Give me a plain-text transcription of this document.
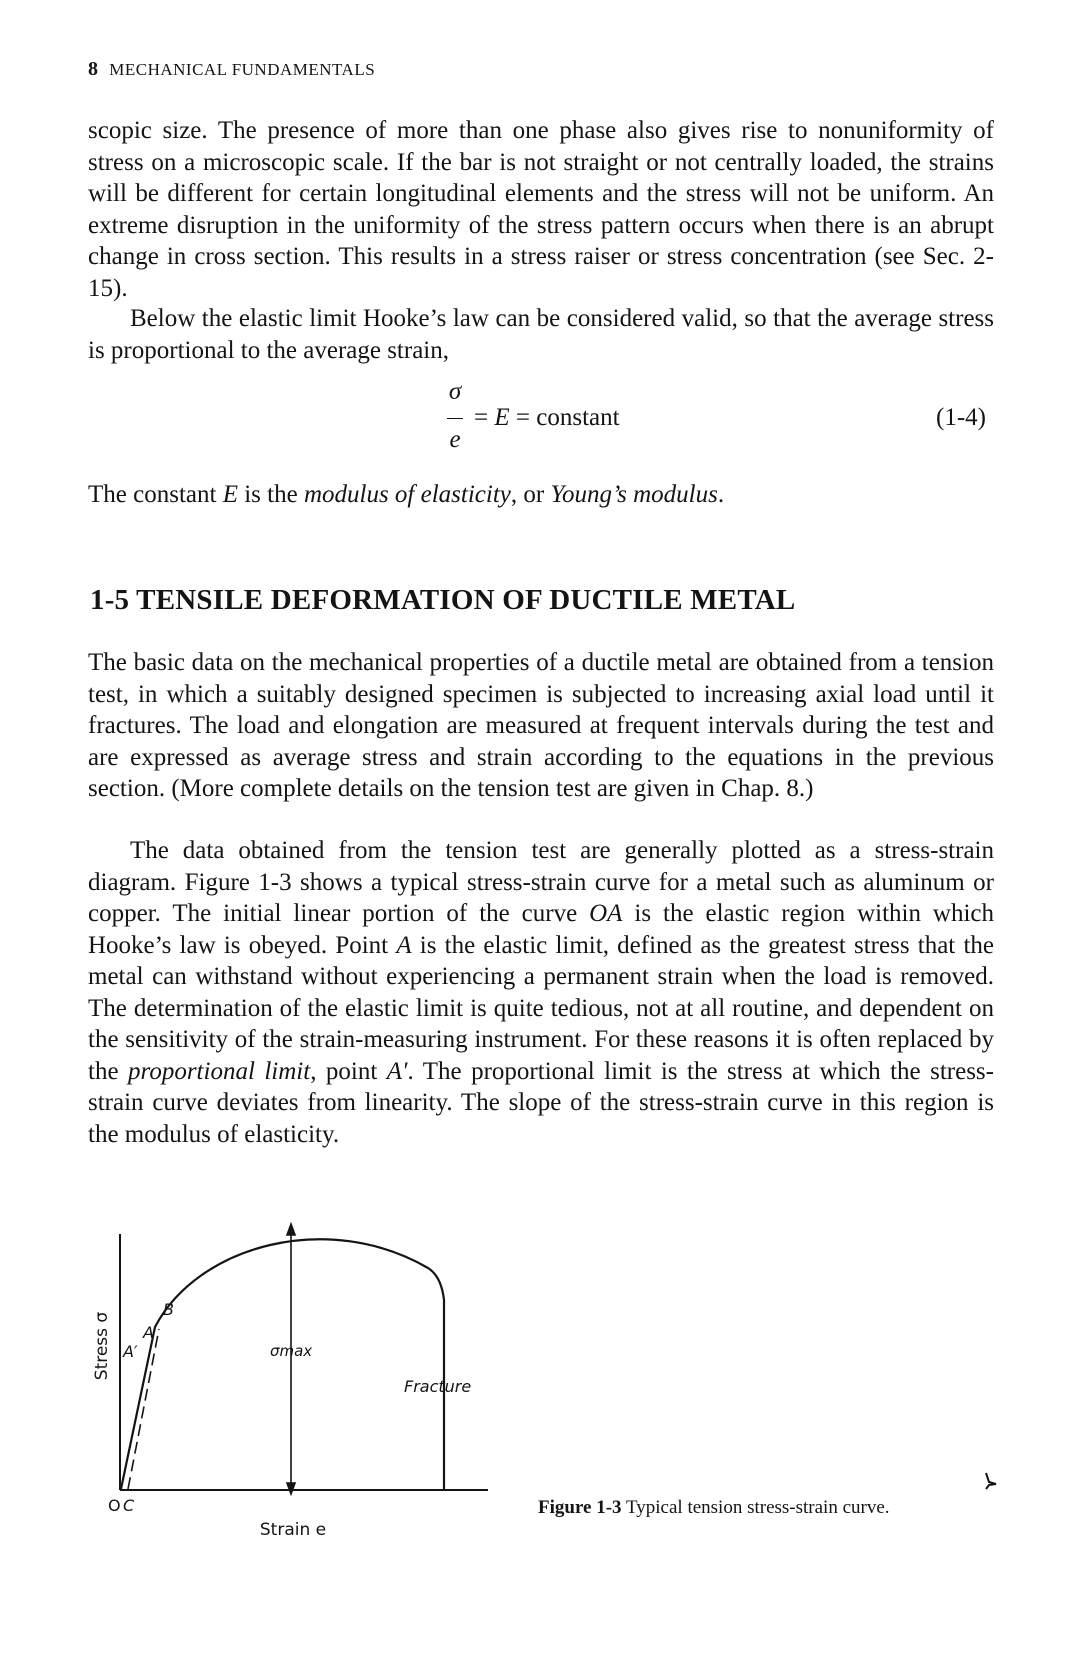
8 MECHANICAL FUNDAMENTALS

scopic size. The presence of more than one phase also gives rise to nonuniformity of stress on a microscopic scale. If the bar is not straight or not centrally loaded, the strains will be different for certain longitudinal elements and the stress will not be uniform. An extreme disruption in the uniformity of the stress pattern occurs when there is an abrupt change in cross section. This results in a stress raiser or stress concentration (see Sec. 2-15).

Below the elastic limit Hooke’s law can be considered valid, so that the average stress is proportional to the average strain,

σ
e
= E = constant	(1-4)

The constant E is the modulus of elasticity, or Young’s modulus.

1-5 TENSILE DEFORMATION OF DUCTILE METAL

The basic data on the mechanical properties of a ductile metal are obtained from a tension test, in which a suitably designed specimen is subjected to increasing axial load until it fractures. The load and elongation are measured at frequent intervals during the test and are expressed as average stress and strain according to the equations in the previous section. (More complete details on the tension test are given in Chap. 8.)

The data obtained from the tension test are generally plotted as a stress-strain diagram. Figure 1-3 shows a typical stress-strain curve for a metal such as aluminum or copper. The initial linear portion of the curve OA is the elastic region within which Hooke’s law is obeyed. Point A is the elastic limit, defined as the greatest stress that the metal can withstand without experiencing a permanent strain when the load is removed. The determination of the elastic limit is quite tedious, not at all routine, and dependent on the sensitivity of the strain-measuring instrument. For these reasons it is often replaced by the proportional limit, point A′. The proportional limit is the stress at which the stress-strain curve deviates from linearity. The slope of the stress-strain curve in this region is the modulus of elasticity.

Stress σ
Strain e
O C
A
A′
B
σmax
Fracture
Figure 1-3 Typical tension stress-strain curve.
